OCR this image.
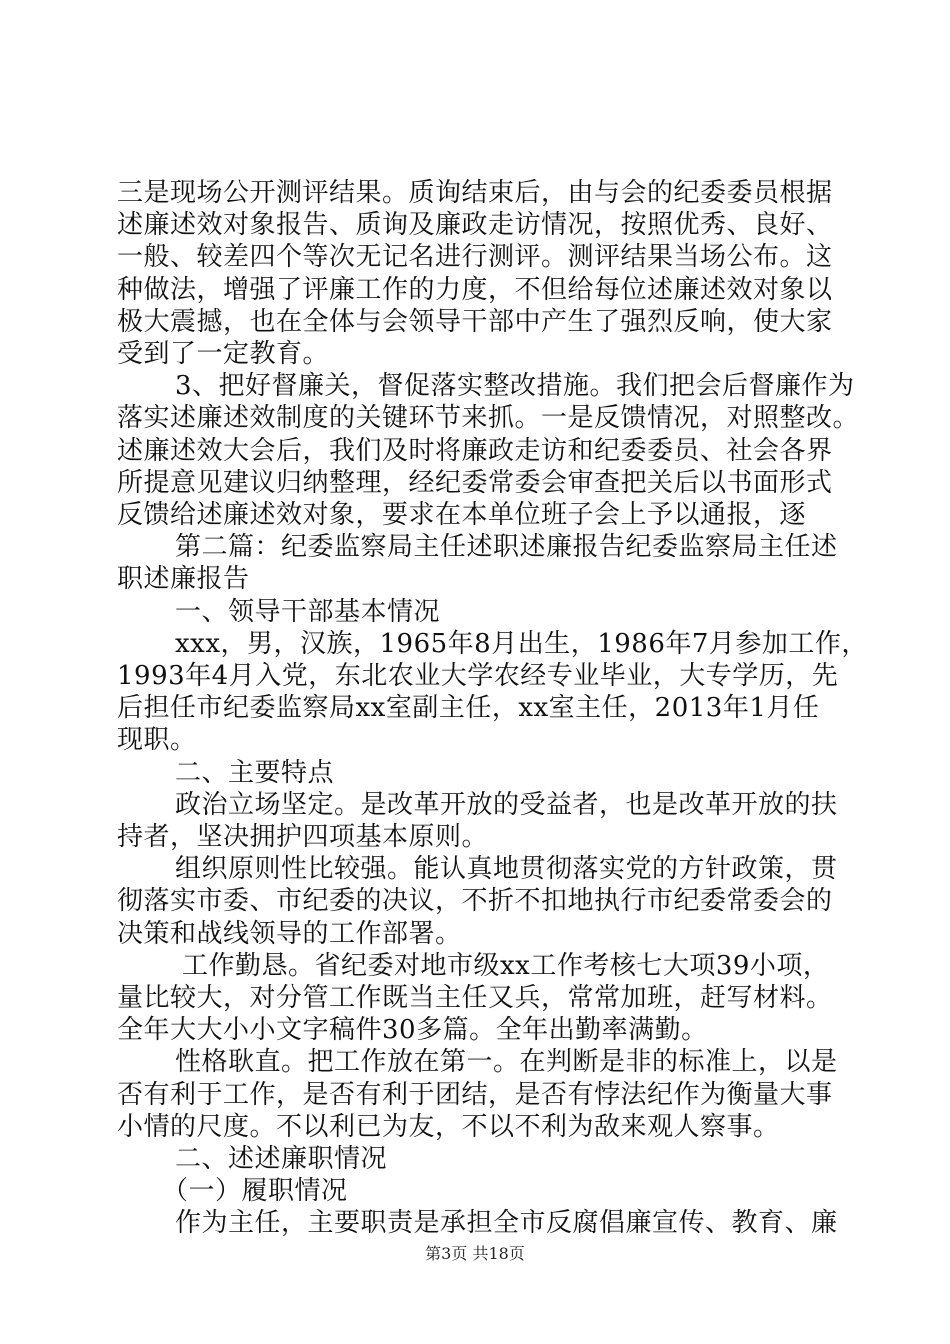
三是现场公开测评结果。质询结束后，由与会的纪委委员根据
述廉述效对象报告、质询及廉政走访情况，按照优秀、良好、
一般、较差四个等次无记名进行测评。测评结果当场公布。这
种做法，增强了评廉工作的力度，不但给每位述廉述效对象以
极大震撼，也在全体与会领导干部中产生了强烈反响，使大家
受到了一定教育。
3、把好督廉关，督促落实整改措施。我们把会后督廉作为
落实述廉述效制度的关键环节来抓。一是反馈情况，对照整改。
述廉述效大会后，我们及时将廉政走访和纪委委员、社会各界
所提意见建议归纳整理，经纪委常委会审查把关后以书面形式
反馈给述廉述效对象，要求在本单位班子会上予以通报，逐
第二篇：纪委监察局主任述职述廉报告纪委监察局主任述
职述廉报告
一、领导干部基本情况
xxx，男，汉族，1965年8月出生，1986年7月参加工作，
1993年4月入党，东北农业大学农经专业毕业，大专学历，先
后担任市纪委监察局xx室副主任，xx室主任，2013年1月任
现职。
二、主要特点
政治立场坚定。是改革开放的受益者，也是改革开放的扶
持者，坚决拥护四项基本原则。
组织原则性比较强。能认真地贯彻落实党的方针政策，贯
彻落实市委、市纪委的决议，不折不扣地执行市纪委常委会的
决策和战线领导的工作部署。
工作勤恳。省纪委对地市级xx工作考核七大项39小项，
量比较大，对分管工作既当主任又兵，常常加班，赶写材料。
全年大大小小文字稿件30多篇。全年出勤率满勤。
性格耿直。把工作放在第一。在判断是非的标准上，以是
否有利于工作，是否有利于团结，是否有悖法纪作为衡量大事
小情的尺度。不以利已为友，不以不利为敌来观人察事。
二、述述廉职情况
（一）履职情况
作为主任，主要职责是承担全市反腐倡廉宣传、教育、廉
第3页 共18页
